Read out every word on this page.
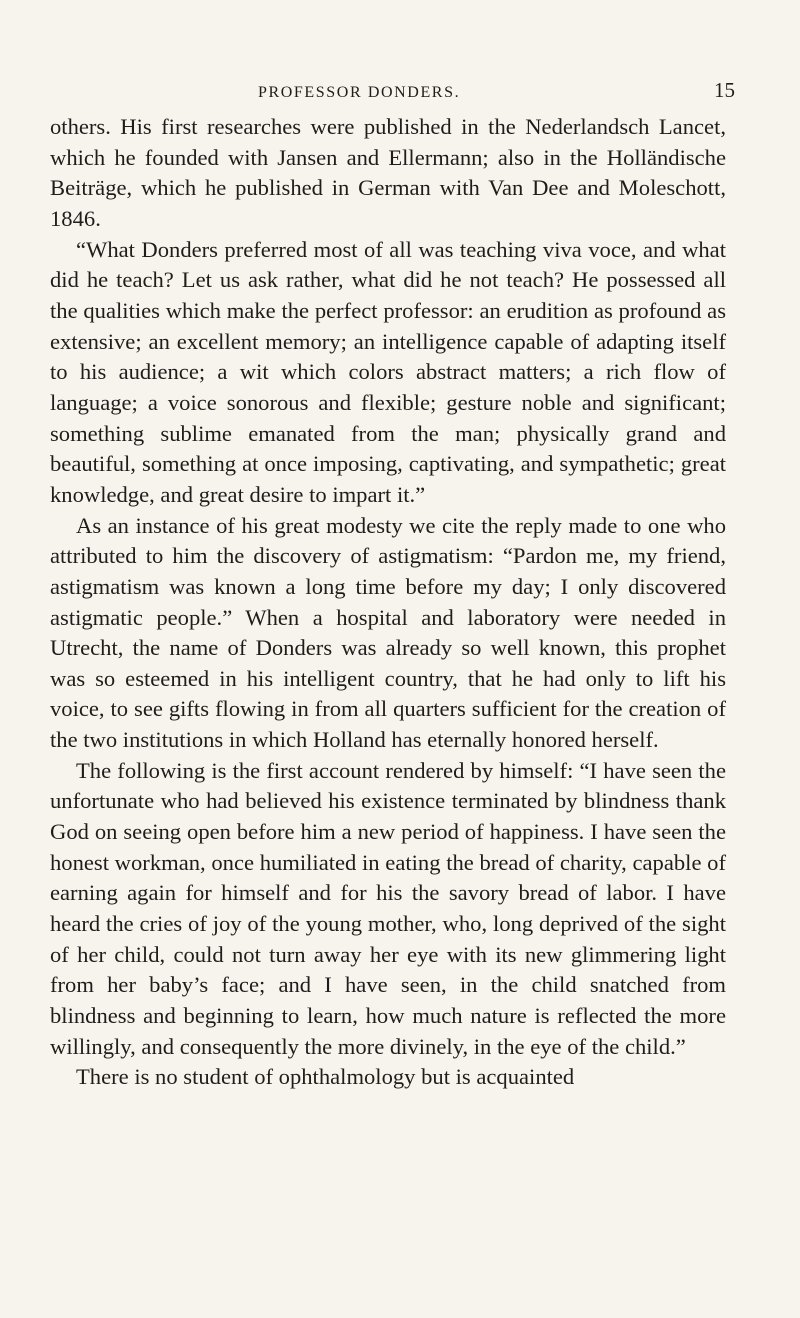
PROFESSOR DONDERS.	15

others. His first researches were published in the Nederlandsch Lancet, which he founded with Jansen and Ellermann; also in the Holländische Beiträge, which he published in German with Van Dee and Moleschott, 1846.

“What Donders preferred most of all was teaching viva voce, and what did he teach? Let us ask rather, what did he not teach? He possessed all the qualities which make the perfect professor: an erudition as profound as extensive; an excellent memory; an intelligence capable of adapting itself to his audience; a wit which colors abstract matters; a rich flow of language; a voice sonorous and flexible; gesture noble and significant; something sublime emanated from the man; physically grand and beautiful, something at once imposing, captivating, and sympathetic; great knowledge, and great desire to impart it.”

As an instance of his great modesty we cite the reply made to one who attributed to him the discovery of astigmatism: “Pardon me, my friend, astigmatism was known a long time before my day; I only discovered astigmatic people.” When a hospital and laboratory were needed in Utrecht, the name of Donders was already so well known, this prophet was so esteemed in his intelligent country, that he had only to lift his voice, to see gifts flowing in from all quarters sufficient for the creation of the two institutions in which Holland has eternally honored herself.

The following is the first account rendered by himself: “I have seen the unfortunate who had believed his existence terminated by blindness thank God on seeing open before him a new period of happiness. I have seen the honest workman, once humiliated in eating the bread of charity, capable of earning again for himself and for his the savory bread of labor. I have heard the cries of joy of the young mother, who, long deprived of the sight of her child, could not turn away her eye with its new glimmering light from her baby’s face; and I have seen, in the child snatched from blindness and beginning to learn, how much nature is reflected the more willingly, and consequently the more divinely, in the eye of the child.”

There is no student of ophthalmology but is acquainted
